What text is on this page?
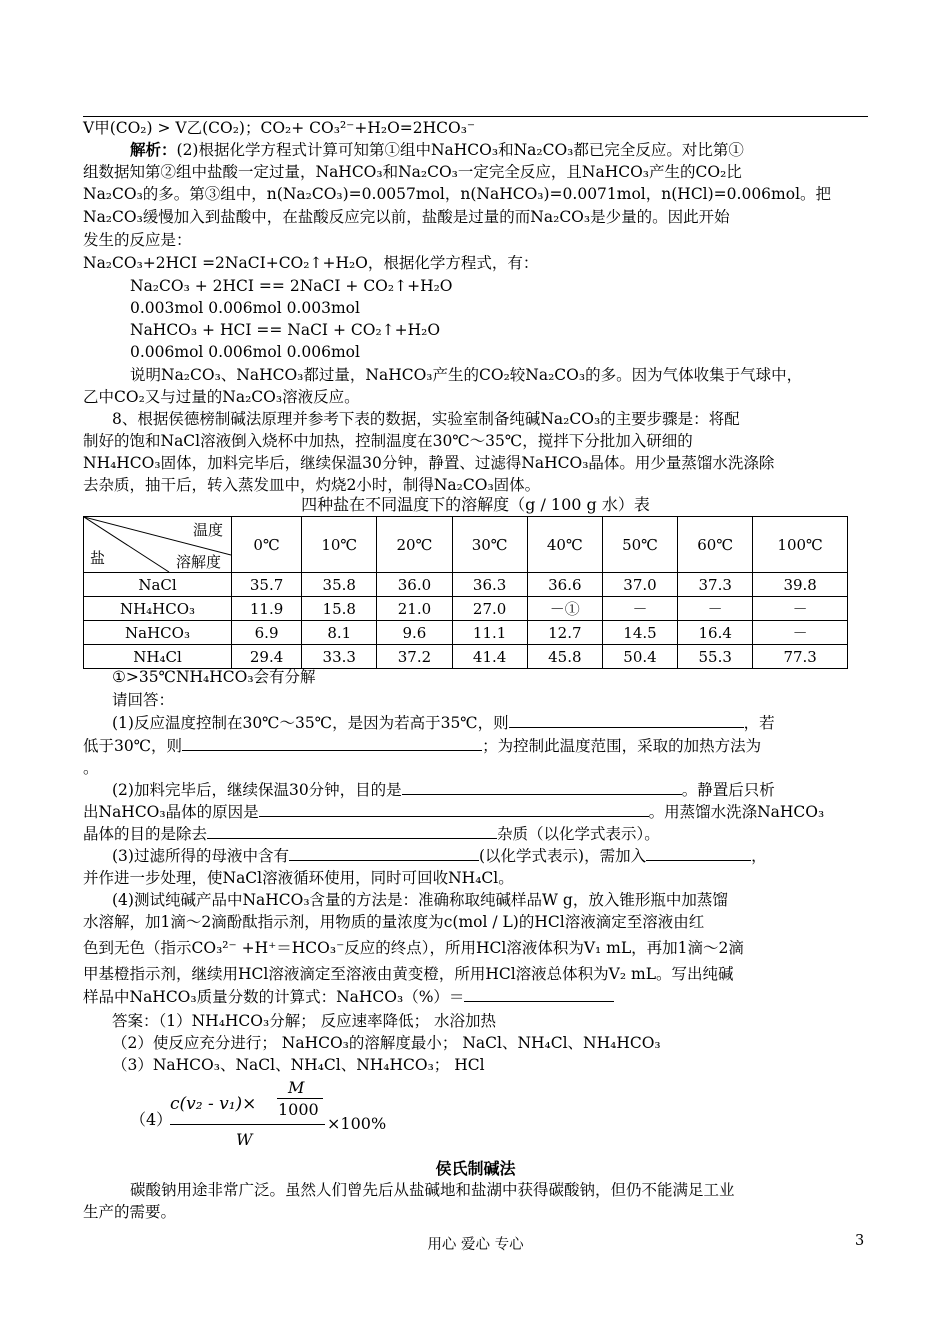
V甲(CO₂) > V乙(CO₂)；CO₂+ CO₃²⁻+H₂O=2HCO₃⁻
解析：(2)根据化学方程式计算可知第①组中NaHCO₃和Na₂CO₃都已完全反应。对比第①
组数据知第②组中盐酸一定过量，NaHCO₃和Na₂CO₃一定完全反应，且NaHCO₃产生的CO₂比
Na₂CO₃的多。第③组中，n(Na₂CO₃)=0.0057mol，n(NaHCO₃)=0.0071mol，n(HCl)=0.006mol。把
Na₂CO₃缓慢加入到盐酸中，在盐酸反应完以前，盐酸是过量的而Na₂CO₃是少量的。因此开始
发生的反应是：
Na₂CO₃+2HCI =2NaCI+CO₂↑+H₂O，根据化学方程式，有：
Na₂CO₃ + 2HCI == 2NaCI + CO₂↑+H₂O
0.003mol 0.006mol 0.003mol
NaHCO₃ + HCI == NaCI + CO₂↑+H₂O
0.006mol 0.006mol 0.006mol
说明Na₂CO₃、NaHCO₃都过量，NaHCO₃产生的CO₂较Na₂CO₃的多。因为气体收集于气球中，
乙中CO₂又与过量的Na₂CO₃溶液反应。
8、根据侯德榜制碱法原理并参考下表的数据，实验室制备纯碱Na₂CO₃的主要步骤是：将配
制好的饱和NaCl溶液倒入烧杯中加热，控制温度在30℃～35℃，搅拌下分批加入研细的
NH₄HCO₃固体，加料完毕后，继续保温30分钟，静置、过滤得NaHCO₃晶体。用少量蒸馏水洗涤除
去杂质，抽干后，转入蒸发皿中，灼烧2小时，制得Na₂CO₃固体。
四种盐在不同温度下的溶解度（g / 100 g 水）表
温度
盐 溶解度	0℃	10℃	20℃	30℃	40℃	50℃	60℃	100℃
NaCl	35.7	35.8	36.0	36.3	36.6	37.0	37.3	39.8
NH₄HCO₃	11.9	15.8	21.0	27.0	－①	－	－	－
NaHCO₃	6.9	8.1	9.6	11.1	12.7	14.5	16.4	－
NH₄Cl	29.4	33.3	37.2	41.4	45.8	50.4	55.3	77.3
①>35℃NH₄HCO₃会有分解
请回答：
(1)反应温度控制在30℃～35℃，是因为若高于35℃，则	，若
低于30℃，则	；为控制此温度范围，采取的加热方法为
。
(2)加料完毕后，继续保温30分钟，目的是	。静置后只析
出NaHCO₃晶体的原因是	。用蒸馏水洗涤NaHCO₃
晶体的目的是除去	杂质（以化学式表示）。
(3)过滤所得的母液中含有	(以化学式表示)，需加入	，
并作进一步处理，使NaCl溶液循环使用，同时可回收NH₄Cl。
(4)测试纯碱产品中NaHCO₃含量的方法是：准确称取纯碱样品W g，放入锥形瓶中加蒸馏
水溶解，加1滴～2滴酚酞指示剂，用物质的量浓度为c(mol / L)的HCl溶液滴定至溶液由红
色到无色（指示CO₃²⁻ +H⁺＝HCO₃⁻反应的终点），所用HCl溶液体积为V₁ mL，再加1滴～2滴
甲基橙指示剂，继续用HCl溶液滴定至溶液由黄变橙，所用HCl溶液总体积为V₂ mL。写出纯碱
样品中NaHCO₃质量分数的计算式：NaHCO₃（%）＝
答案：（1）NH₄HCO₃分解； 反应速率降低； 水浴加热
（2）使反应充分进行； NaHCO₃的溶解度最小； NaCl、NH₄Cl、NH₄HCO₃
（3）NaHCO₃、NaCl、NH₄Cl、NH₄HCO₃； HCl
（4）
c(v₂ - v₁)×
M
1000
W
×100%
侯氏制碱法
碳酸钠用途非常广泛。虽然人们曾先后从盐碱地和盐湖中获得碳酸钠，但仍不能满足工业
生产的需要。
用心 爱心 专心	3
